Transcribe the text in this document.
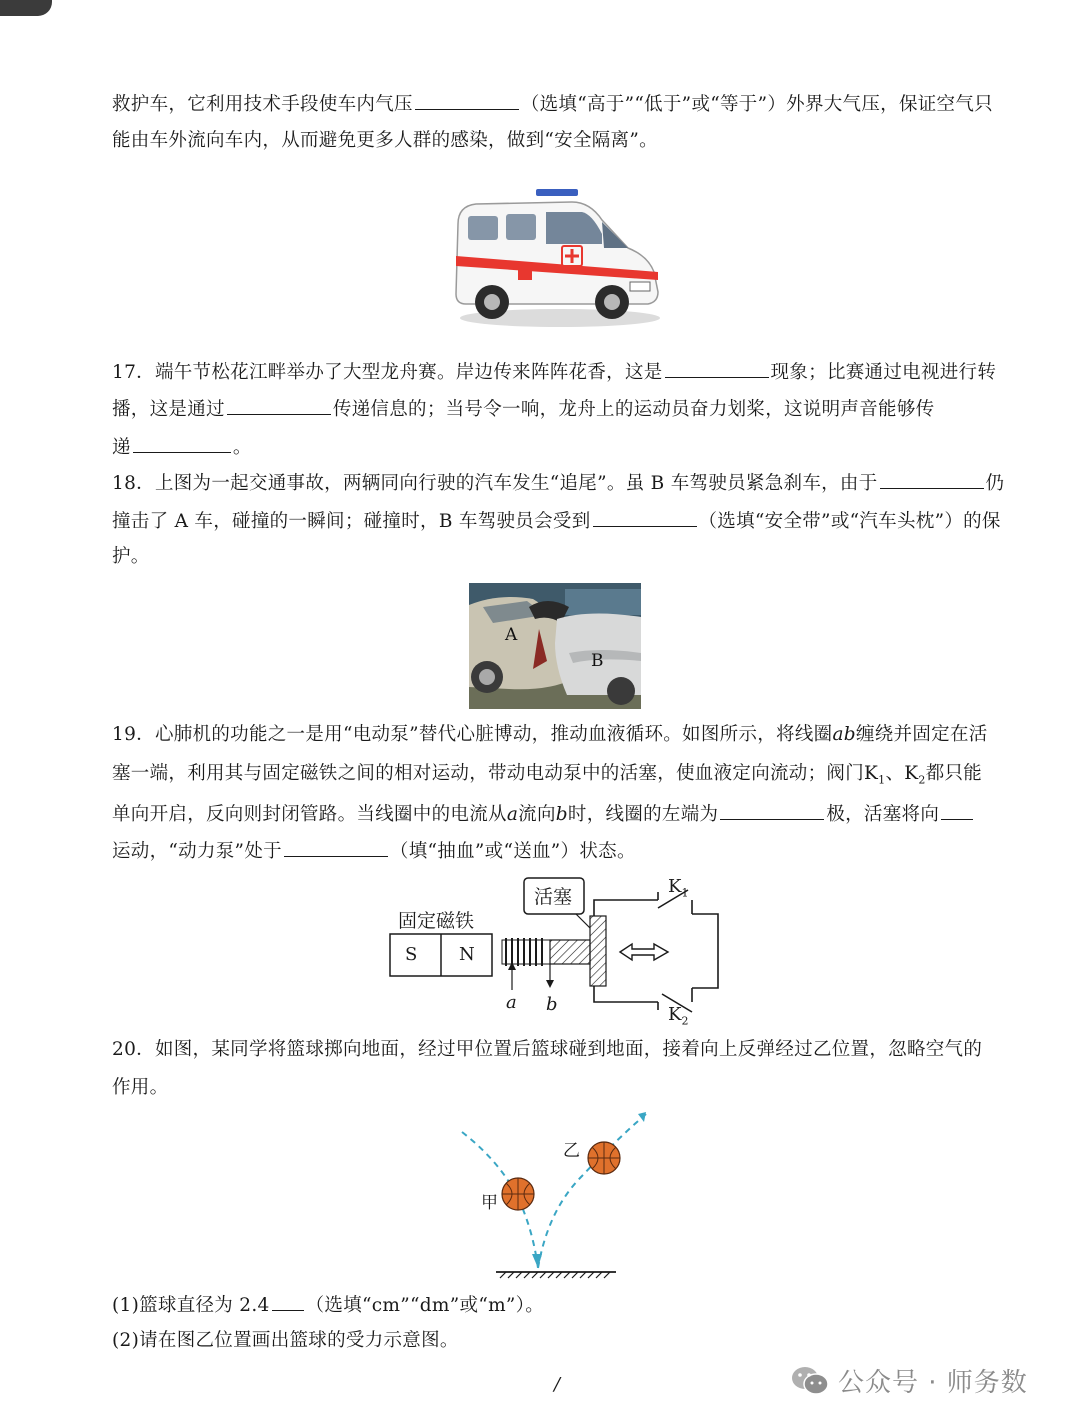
救护车，它利用技术手段使车内气压	（选填“高于”“低于”或“等于”）外界大气压，保证空气只
能由车外流向车内，从而避免更多人群的感染，做到“安全隔离”。
17．端午节松花江畔举办了大型龙舟赛。岸边传来阵阵花香，这是	现象；比赛通过电视进行转
播，这是通过	传递信息的；当号令一响，龙舟上的运动员奋力划桨，这说明声音能够传
递	。
18．上图为一起交通事故，两辆同向行驶的汽车发生“追尾”。虽 B 车驾驶员紧急刹车，由于	仍
撞击了 A 车，碰撞的一瞬间；碰撞时，B 车驾驶员会受到	（选填“安全带”或“汽车头枕”）的保
护。
A
B
19．心肺机的功能之一是用“电动泵”替代心脏博动，推动血液循环。如图所示，将线圈ab缠绕并固定在活
塞一端，利用其与固定磁铁之间的相对运动，带动电动泵中的活塞，使血液定向流动；阀门$K_1$、$K_2$都只能
单向开启，反向则封闭管路。当线圈中的电流从a流向b时，线圈的左端为	极，活塞将向
运动，“动力泵”处于	（填“抽血”或“送血”）状态。
活塞
固定磁铁
S N
a b
$K_1$
$K_2$
20．如图，某同学将篮球掷向地面，经过甲位置后篮球碰到地面，接着向上反弹经过乙位置，忽略空气的
作用。
甲
乙
(1)篮球直径为 2.4 （选填“cm”“dm”或“m”）。
(2)请在图乙位置画出篮球的受力示意图。
/	公众号 · 师务数
